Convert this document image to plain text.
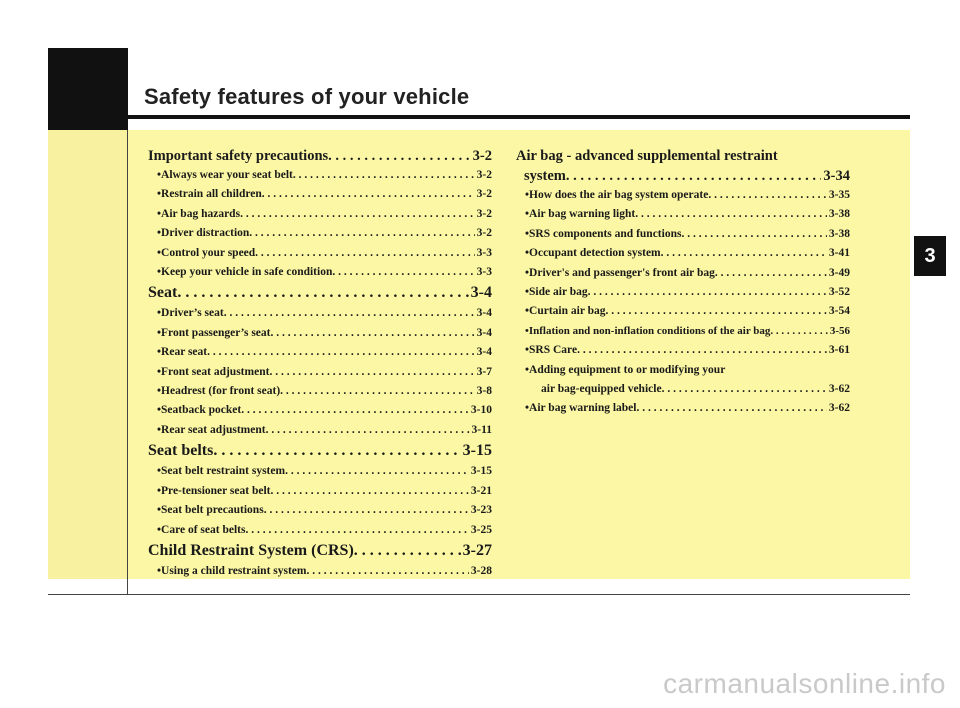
Safety features of your vehicle
3
Important safety precautions . . .	3-2
• Always wear your seat belt . . .	3-2
• Restrain all children . . .	3-2
• Air bag hazards . . .	3-2
• Driver distraction . . .	3-2
• Control your speed . . .	3-3
• Keep your vehicle in safe condition . . .	3-3
Seat . . .	3-4
• Driver’s seat . . .	3-4
• Front passenger’s seat . . .	3-4
• Rear seat . . .	3-4
• Front seat adjustment . . .	3-7
• Headrest (for front seat) . . .	3-8
• Seatback pocket . . .	3-10
• Rear seat adjustment . . .	3-11
Seat belts . . .	3-15
• Seat belt restraint system . . .	3-15
• Pre-tensioner seat belt . . .	3-21
• Seat belt precautions . . .	3-23
• Care of seat belts . . .	3-25
Child Restraint System (CRS) . . .	3-27
• Using a child restraint system . . .	3-28
Air bag - advanced supplemental restraint
system . . .	3-34
• How does the air bag system operate . . .	3-35
• Air bag warning light . . .	3-38
• SRS components and functions . . .	3-38
• Occupant detection system . . .	3-41
• Driver's and passenger's front air bag . . .	3-49
• Side air bag . . .	3-52
• Curtain air bag . . .	3-54
• Inflation and non-inflation conditions of the air bag . . .	3-56
• SRS Care . . .	3-61
• Adding equipment to or modifying your
air bag-equipped vehicle . . .	3-62
• Air bag warning label . . .	3-62
carmanualsonline.info
